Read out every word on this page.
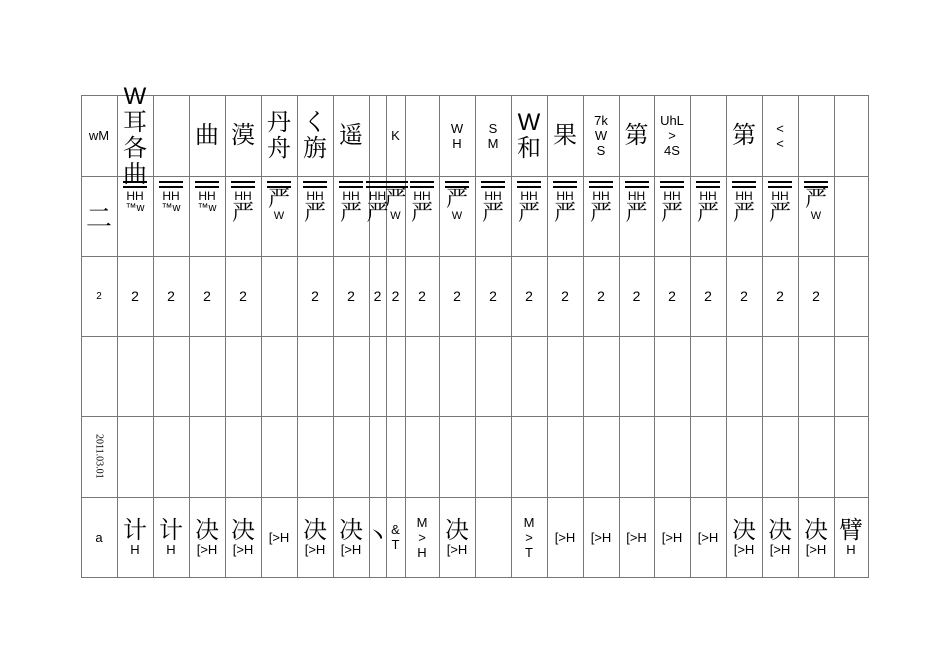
wM
W
耳
各
曲
曲 漠 丹
舟
く
旃 遥 K	W
H
S
M
W
和 果
7k
W
S
第
UhL
>
4S
第 <
<
二
HH
™w
HH
™w
HH
™w
HH
严
严
W
HH
严
HH
严
HH
严
严
W
HH
严
严
W
HH
严
HH
严
HH
严
HH
严
HH
严
HH
严
HH
严
HH
严
HH
严
严
W
2 2 2 2 2	2 2 2 2 2 2 2 2 2 2 2 2 2 2 2 2
2011.03.01
a 计
H
计
H
决
[>H
决
[>H
[>H 决
[>H
决
[>H 丶 &
T
M
>
H
决
[>H
M
>
T
[>H [>H [>H [>H [>H 决
[>H
决
[>H
决
[>H
臂
H
